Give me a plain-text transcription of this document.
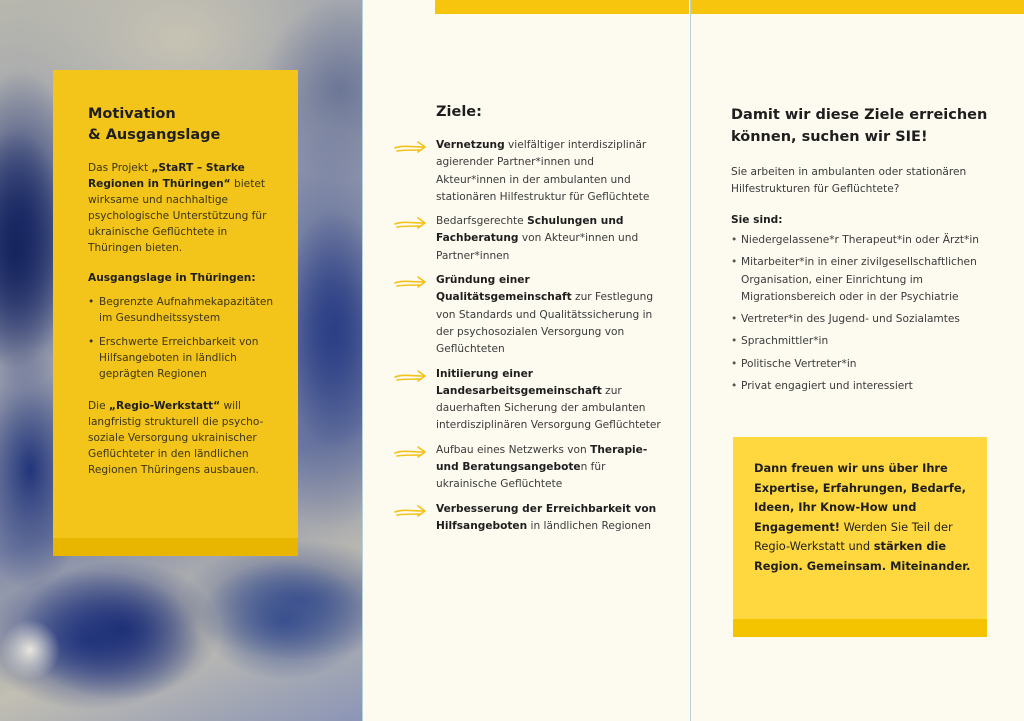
Motivation
& Ausgangslage

Das Projekt „StaRT – Starke Regionen in Thüringen“ bietet wirksame und nachhaltige psychologische Unterstützung für ukrainische Geflüchtete in Thüringen bieten.

Ausgangslage in Thüringen:
• Begrenzte Aufnahmekapazitäten im Gesundheitssystem
• Erschwerte Erreichbarkeit von Hilfsangeboten in ländlich geprägten Regionen

Die „Regio-Werkstatt“ will langfristig strukturell die psycho-soziale Versorgung ukrainischer Geflüchteter in den ländlichen Regionen Thüringens ausbauen.

Ziele:
Vernetzung vielfältiger interdisziplinär agierender Partner*innen und Akteur*innen in der ambulanten und stationären Hilfestruktur für Geflüchtete
Bedarfsgerechte Schulungen und Fachberatung von Akteur*innen und Partner*innen
Gründung einer Qualitätsgemeinschaft zur Festlegung von Standards und Qualitätssicherung in der psychosozialen Versorgung von Geflüchteten
Initiierung einer Landesarbeitsgemeinschaft zur dauerhaften Sicherung der ambulanten interdisziplinären Versorgung Geflüchteter
Aufbau eines Netzwerks von Therapie- und Beratungsangeboten für ukrainische Geflüchtete
Verbesserung der Erreichbarkeit von Hilfsangeboten in ländlichen Regionen
Damit wir diese Ziele erreichen
können, suchen wir SIE!
Sie arbeiten in ambulanten oder stationären Hilfestrukturen für Geflüchtete?
Sie sind:
• Niedergelassene*r Therapeut*in oder Ärzt*in
• Mitarbeiter*in in einer zivilgesellschaftlichen Organisation, einer Einrichtung im Migrationsbereich oder in der Psychiatrie
• Vertreter*in des Jugend- und Sozialamtes
• Sprachmittler*in
• Politische Vertreter*in
• Privat engagiert und interessiert
Dann freuen wir uns über Ihre Expertise, Erfahrungen, Bedarfe, Ideen, Ihr Know-How und Engagement! Werden Sie Teil der Regio-Werkstatt und stärken die Region. Gemeinsam. Miteinander.
